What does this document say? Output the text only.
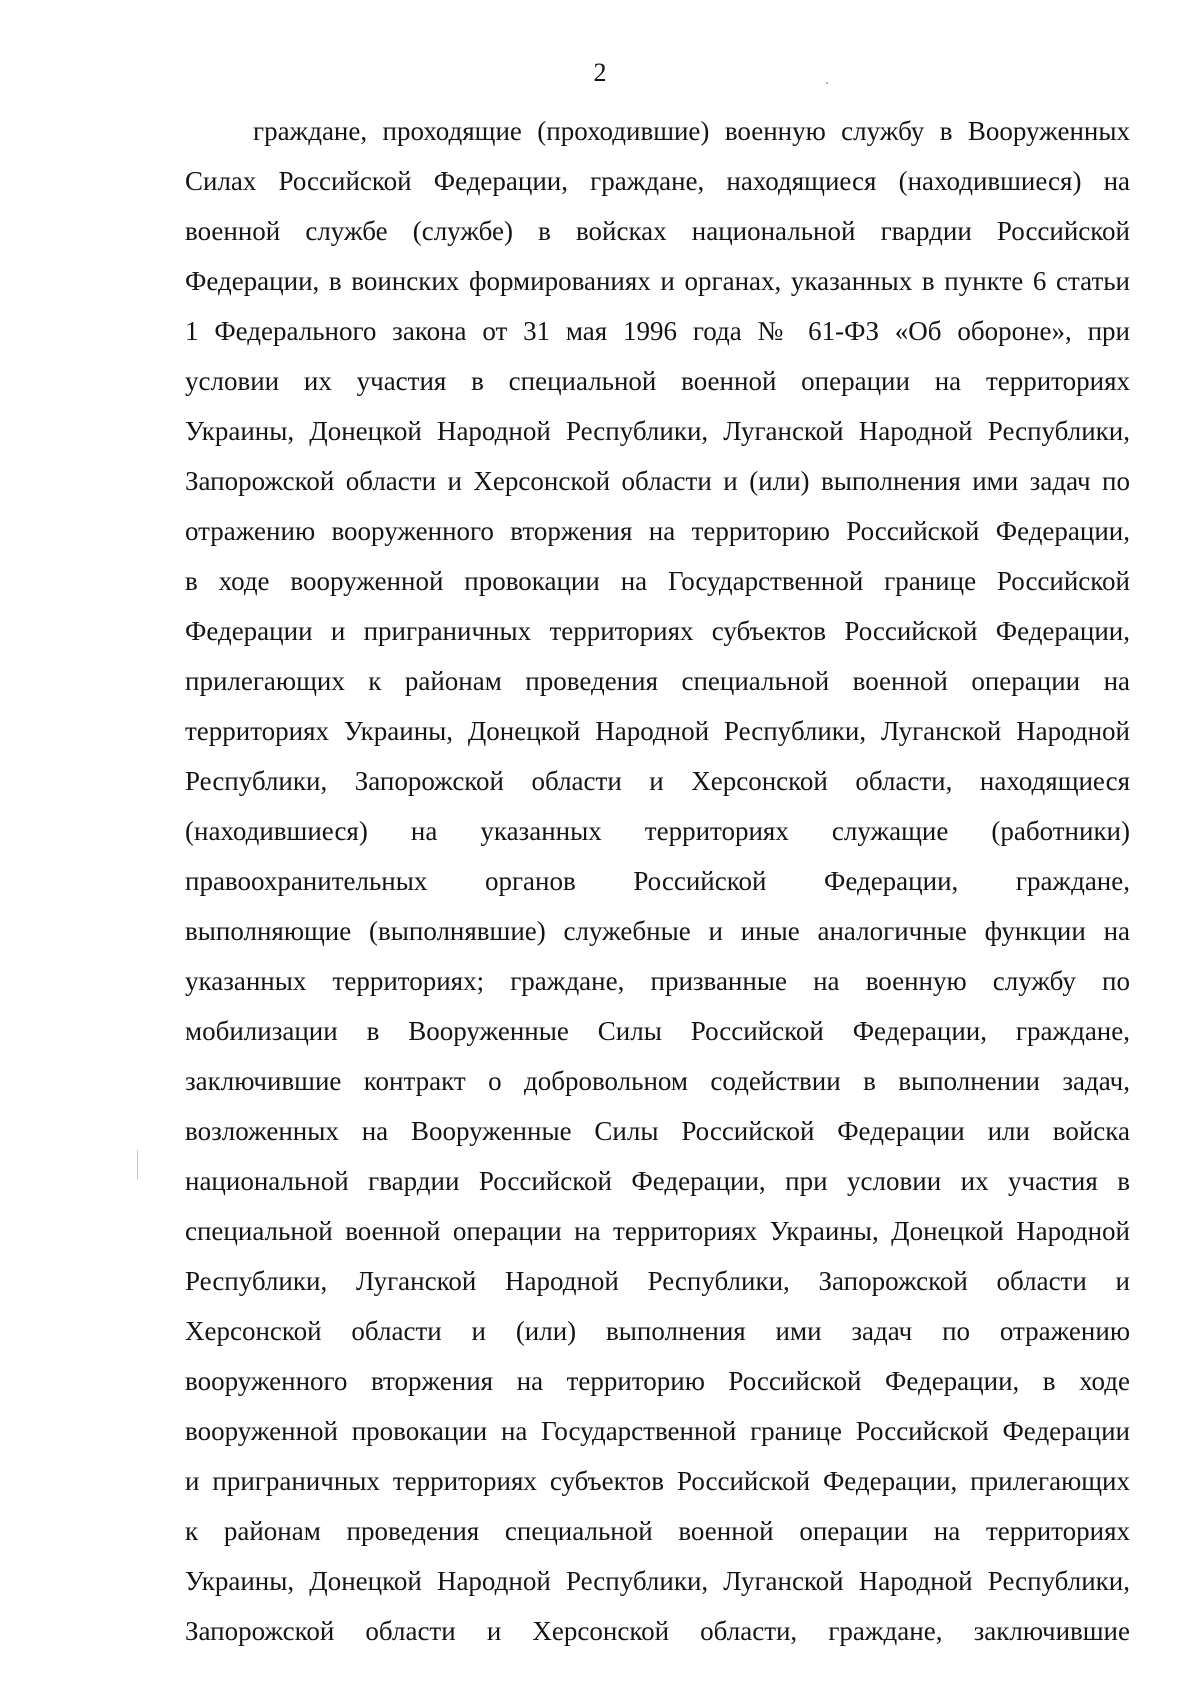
2
граждане, проходящие (проходившие) военную службу в Вооруженных
Силах Российской Федерации, граждане, находящиеся (находившиеся) на
военной службе (службе) в войсках национальной гвардии Российской
Федерации, в воинских формированиях и органах, указанных в пункте 6 статьи
1 Федерального закона от 31 мая 1996 года № 61-ФЗ «Об обороне», при
условии их участия в специальной военной операции на территориях
Украины, Донецкой Народной Республики, Луганской Народной Республики,
Запорожской области и Херсонской области и (или) выполнения ими задач по
отражению вооруженного вторжения на территорию Российской Федерации,
в ходе вооруженной провокации на Государственной границе Российской
Федерации и приграничных территориях субъектов Российской Федерации,
прилегающих к районам проведения специальной военной операции на
территориях Украины, Донецкой Народной Республики, Луганской Народной
Республики, Запорожской области и Херсонской области, находящиеся
(находившиеся) на указанных территориях служащие (работники)
правоохранительных органов Российской Федерации, граждане,
выполняющие (выполнявшие) служебные и иные аналогичные функции на
указанных территориях; граждане, призванные на военную службу по
мобилизации в Вооруженные Силы Российской Федерации, граждане,
заключившие контракт о добровольном содействии в выполнении задач,
возложенных на Вооруженные Силы Российской Федерации или войска
национальной гвардии Российской Федерации, при условии их участия в
специальной военной операции на территориях Украины, Донецкой Народной
Республики, Луганской Народной Республики, Запорожской области и
Херсонской области и (или) выполнения ими задач по отражению
вооруженного вторжения на территорию Российской Федерации, в ходе
вооруженной провокации на Государственной границе Российской Федерации
и приграничных территориях субъектов Российской Федерации, прилегающих
к районам проведения специальной военной операции на территориях
Украины, Донецкой Народной Республики, Луганской Народной Республики,
Запорожской области и Херсонской области, граждане, заключившие
